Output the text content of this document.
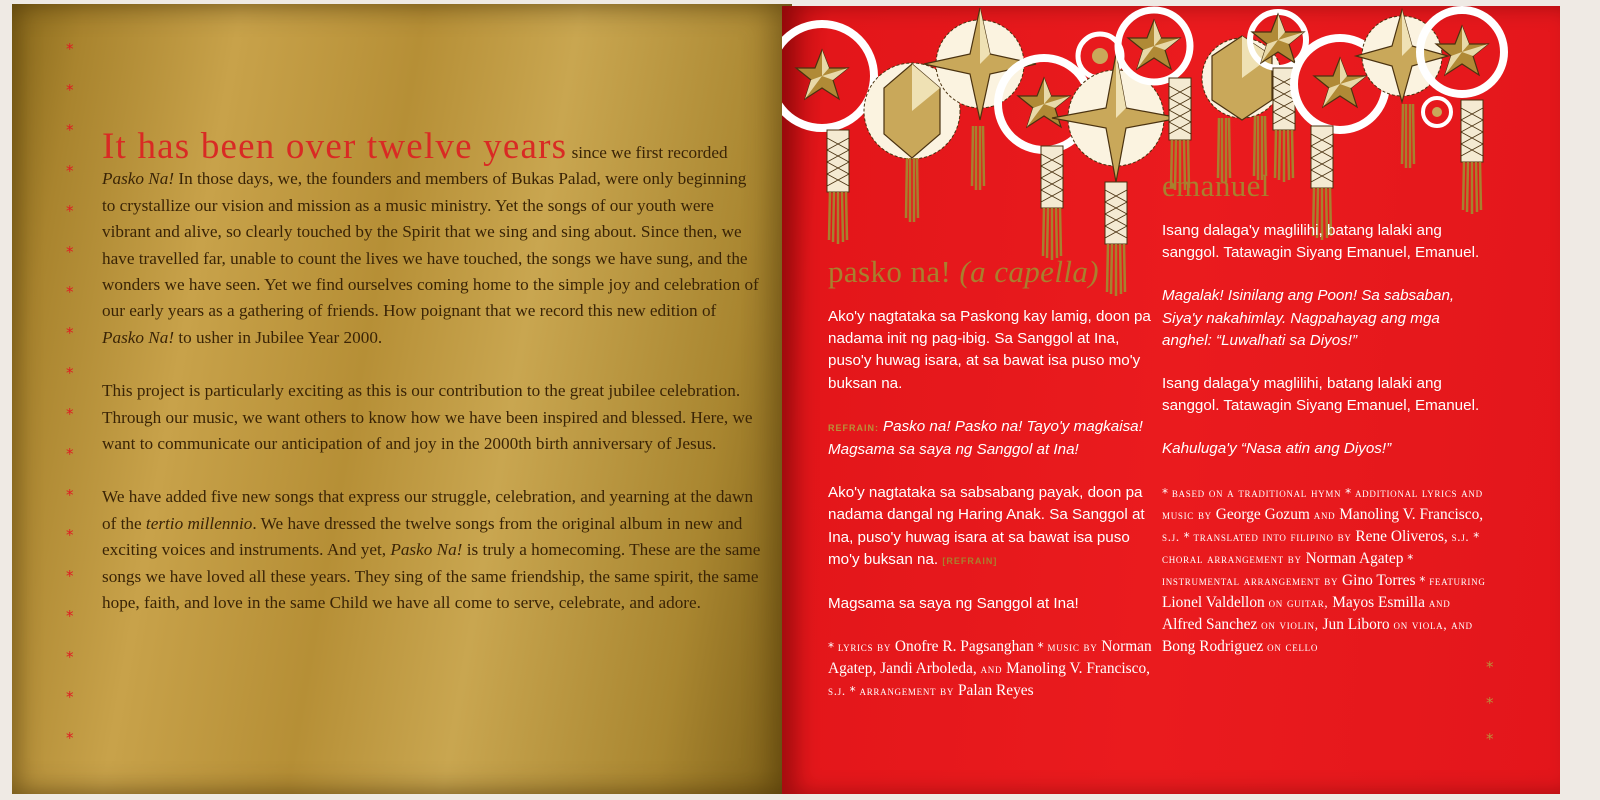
*
*
*
*
*
*
*
*
*
*
*
*
*
*
*
*
*
*

It has been over twelve years since we first recorded Pasko Na! In those days, we, the founders and members of Bukas Palad, were only beginning to crystallize our vision and mission as a music ministry. Yet the songs of our youth were vibrant and alive, so clearly touched by the Spirit that we sing and sing about. Since then, we have travelled far, unable to count the lives we have touched, the songs we have sung, and the wonders we have seen. Yet we find ourselves coming home to the simple joy and celebration of our early years as a gathering of friends. How poignant that we record this new edition of Pasko Na! to usher in Jubilee Year 2000.

This project is particularly exciting as this is our contribution to the great jubilee celebration. Through our music, we want others to know how we have been inspired and blessed. Here, we want to communicate our anticipation of and joy in the 2000th birth anniversary of Jesus.

We have added five new songs that express our struggle, celebration, and yearning at the dawn of the tertio millennio. We have dressed the twelve songs from the original album in new and exciting voices and instruments. And yet, Pasko Na! is truly a homecoming. These are the same songs we have loved all these years. They sing of the same friendship, the same spirit, the same hope, faith, and love in the same Child we have all come to serve, celebrate, and adore.

pasko na! (a capella)

Ako'y nagtataka sa Paskong kay lamig, doon pa nadama init ng pag-ibig. Sa Sanggol at Ina, puso'y huwag isara, at sa bawat isa puso mo'y buksan na.

REFRAIN: Pasko na! Pasko na! Tayo'y magkaisa! Magsama sa saya ng Sanggol at Ina!

Ako'y nagtataka sa sabsabang payak, doon pa nadama dangal ng Haring Anak. Sa Sanggol at Ina, puso'y huwag isara at sa bawat isa puso mo'y buksan na. [REFRAIN]

Magsama sa saya ng Sanggol at Ina!

* lyrics by Onofre R. Pagsanghan * music by Norman Agatep, Jandi Arboleda, and Manoling V. Francisco, s.j. * arrangement by Palan Reyes
emanuel

Isang dalaga'y maglilihi, batang lalaki ang sanggol. Tatawagin Siyang Emanuel, Emanuel.

Magalak! Isinilang ang Poon! Sa sabsaban, Siya'y nakahimlay. Nagpahayag ang mga anghel: “Luwalhati sa Diyos!”

Isang dalaga'y maglilihi, batang lalaki ang sanggol. Tatawagin Siyang Emanuel, Emanuel.

Kahuluga'y “Nasa atin ang Diyos!”

* based on a traditional hymn * additional lyrics and music by George Gozum and Manoling V. Francisco, s.j. * translated into filipino by Rene Oliveros, s.j. * choral arrangement by Norman Agatep * instrumental arrangement by Gino Torres * featuring Lionel Valdellon on guitar, Mayos Esmilla and Alfred Sanchez on violin, Jun Liboro on viola, and Bong Rodriguez on cello
*
*
*
